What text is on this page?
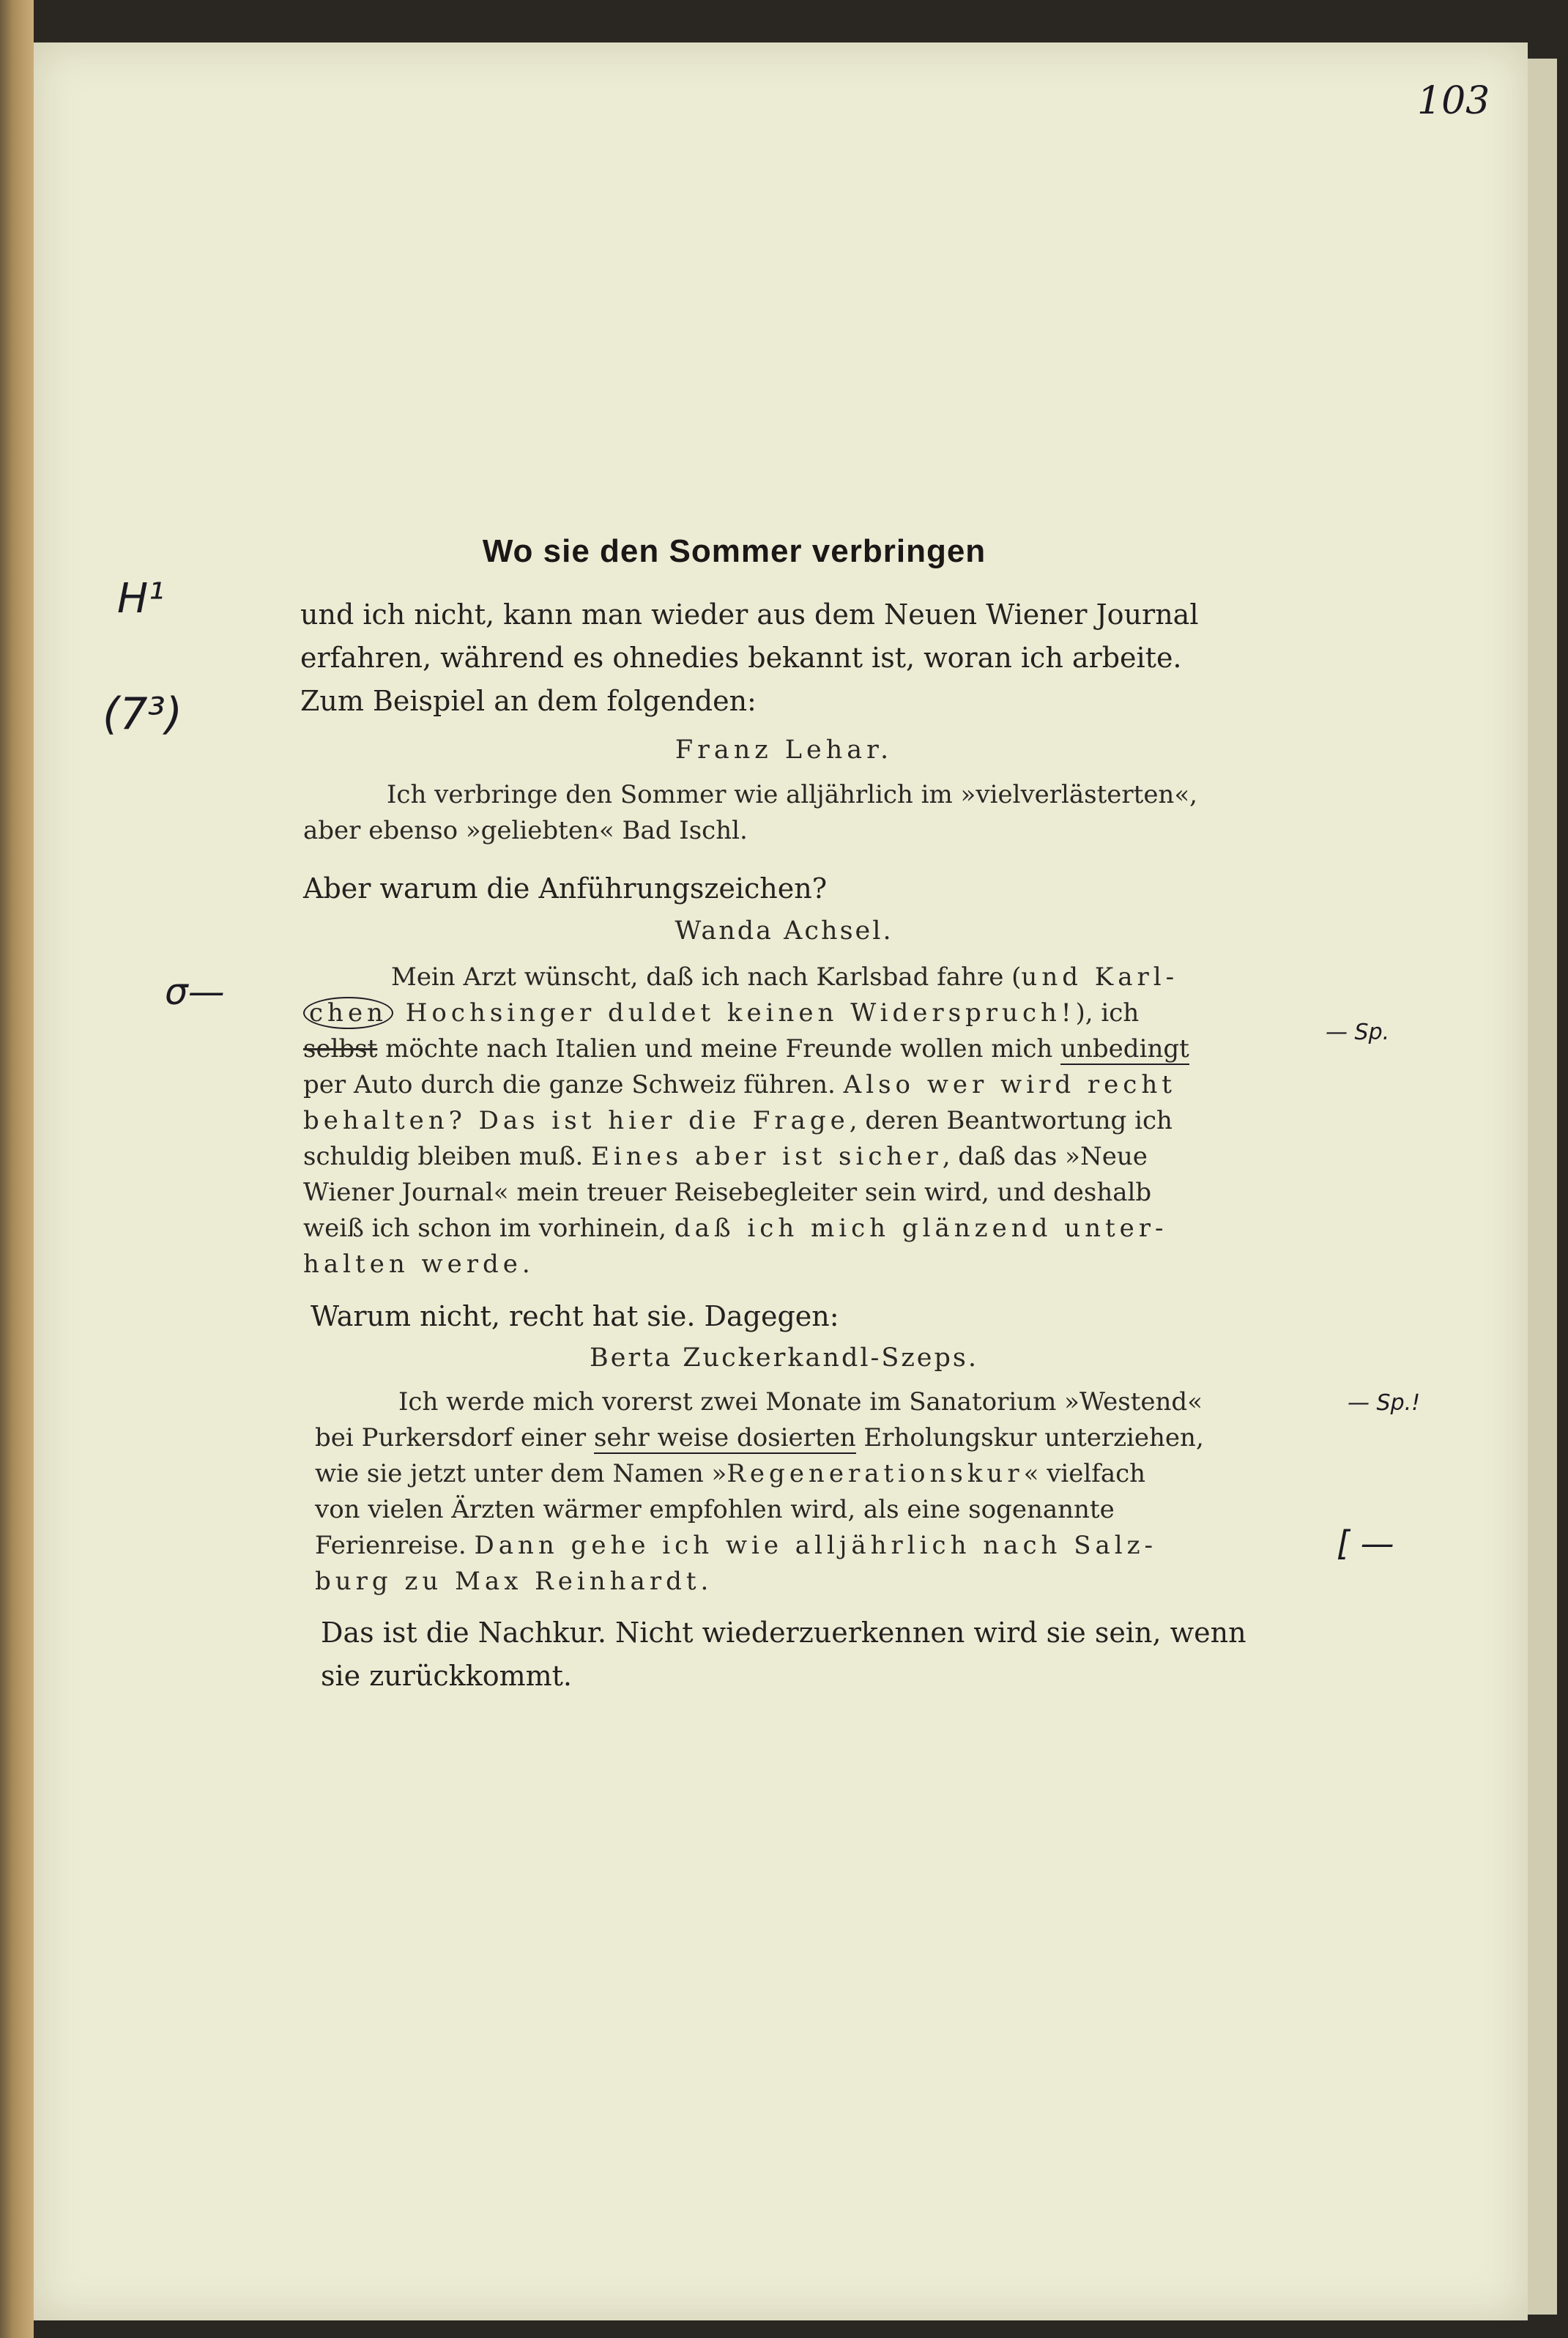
103
Wo sie den Sommer verbringen
und ich nicht, kann man wieder aus dem Neuen Wiener Journal
erfahren, während es ohnedies bekannt ist, woran ich arbeite.
Zum Beispiel an dem folgenden:
Franz Lehar.
Ich verbringe den Sommer wie alljährlich im »vielverlästerten«,
aber ebenso »geliebten« Bad Ischl.
Aber warum die Anführungszeichen?
Wanda Achsel.
Mein Arzt wünscht, daß ich nach Karlsbad fahre (und Karl-
chen Hochsinger duldet keinen Widerspruch!), ich
selbst möchte nach Italien und meine Freunde wollen mich unbedingt
per Auto durch die ganze Schweiz führen. Also wer wird recht
behalten? Das ist hier die Frage, deren Beantwortung ich
schuldig bleiben muß. Eines aber ist sicher, daß das »Neue
Wiener Journal« mein treuer Reisebegleiter sein wird, und deshalb
weiß ich schon im vorhinein, daß ich mich glänzend unter-
halten werde.
Warum nicht, recht hat sie. Dagegen:
Berta Zuckerkandl-Szeps.
Ich werde mich vorerst zwei Monate im Sanatorium »Westend«
bei Purkersdorf einer sehr weise dosierten Erholungskur unterziehen,
wie sie jetzt unter dem Namen »Regenerationskur« vielfach
von vielen Ärzten wärmer empfohlen wird, als eine sogenannte
Ferienreise. Dann gehe ich wie alljährlich nach Salz-
burg zu Max Reinhardt.
Das ist die Nachkur. Nicht wiederzuerkennen wird sie sein, wenn
sie zurückkommt.
H¹
(7³)
σ—
— Sp.
— Sp.!
[ —
